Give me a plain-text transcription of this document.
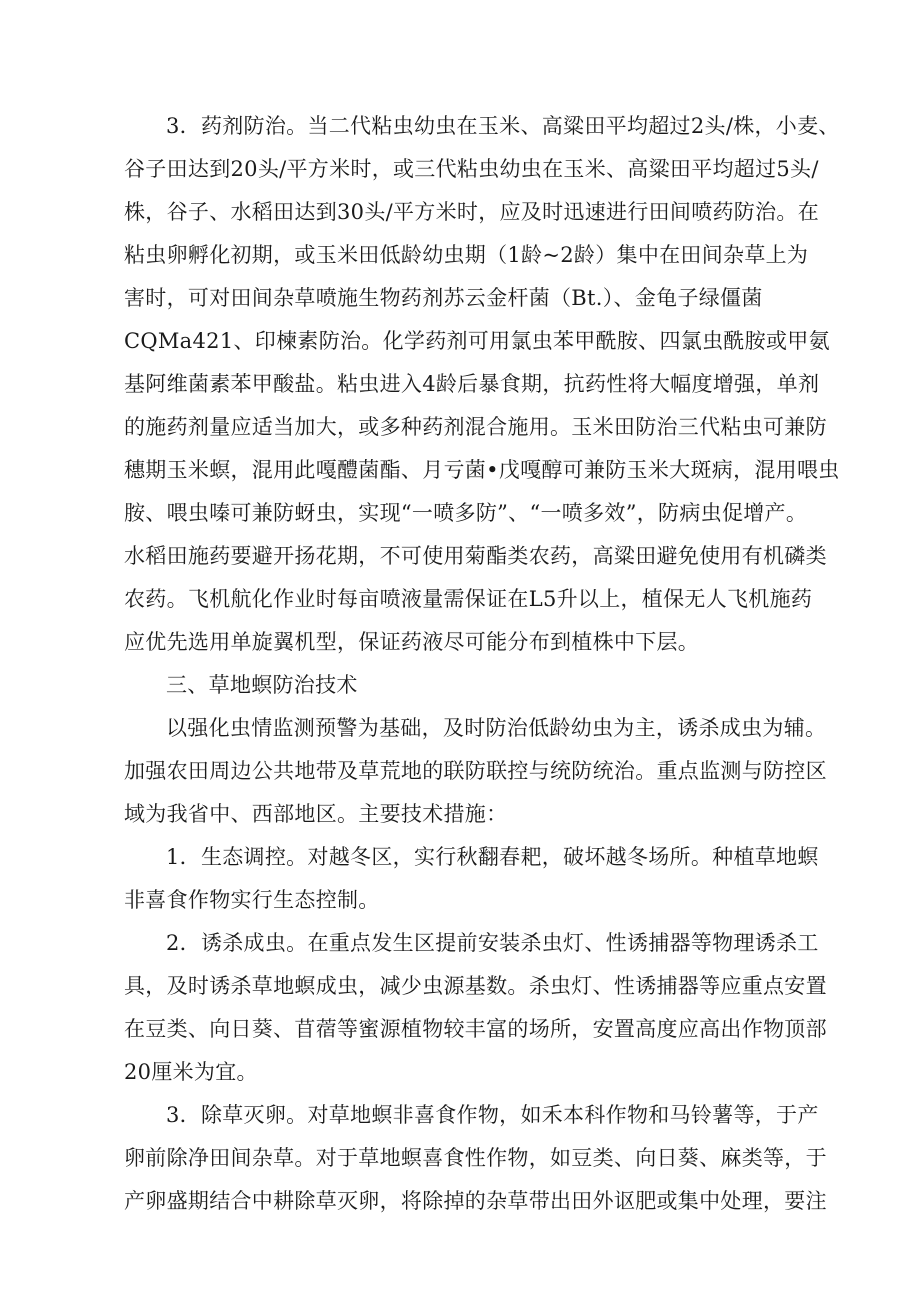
3．药剂防治。当二代粘虫幼虫在玉米、高粱田平均超过2头/株，小麦、
谷子田达到20头/平方米时，或三代粘虫幼虫在玉米、高粱田平均超过5头/
株，谷子、水稻田达到30头/平方米时，应及时迅速进行田间喷药防治。在
粘虫卵孵化初期，或玉米田低龄幼虫期（1龄~2龄）集中在田间杂草上为
害时，可对田间杂草喷施生物药剂苏云金杆菌（Bt.）、金龟子绿僵菌
CQMa421、印楝素防治。化学药剂可用氯虫苯甲酰胺、四氯虫酰胺或甲氨
基阿维菌素苯甲酸盐。粘虫进入4龄后暴食期，抗药性将大幅度增强，单剂
的施药剂量应适当加大，或多种药剂混合施用。玉米田防治三代粘虫可兼防
穗期玉米螟，混用此嘎醴菌酯、月亏菌•戊嘎醇可兼防玉米大斑病，混用喂虫
胺、喂虫嗪可兼防蚜虫，实现“一喷多防”、“一喷多效”，防病虫促增产。
水稻田施药要避开扬花期，不可使用菊酯类农药，高粱田避免使用有机磷类
农药。飞机航化作业时每亩喷液量需保证在L5升以上，植保无人飞机施药
应优先选用单旋翼机型，保证药液尽可能分布到植株中下层。
三、草地螟防治技术
以强化虫情监测预警为基础，及时防治低龄幼虫为主，诱杀成虫为辅。
加强农田周边公共地带及草荒地的联防联控与统防统治。重点监测与防控区
域为我省中、西部地区。主要技术措施：
1．生态调控。对越冬区，实行秋翻春耙，破坏越冬场所。种植草地螟
非喜食作物实行生态控制。
2．诱杀成虫。在重点发生区提前安装杀虫灯、性诱捕器等物理诱杀工
具，及时诱杀草地螟成虫，减少虫源基数。杀虫灯、性诱捕器等应重点安置
在豆类、向日葵、苜蓿等蜜源植物较丰富的场所，安置高度应高出作物顶部
20厘米为宜。
3．除草灭卵。对草地螟非喜食作物，如禾本科作物和马铃薯等，于产
卵前除净田间杂草。对于草地螟喜食性作物，如豆类、向日葵、麻类等，于
产卵盛期结合中耕除草灭卵，将除掉的杂草带出田外讴肥或集中处理，要注
